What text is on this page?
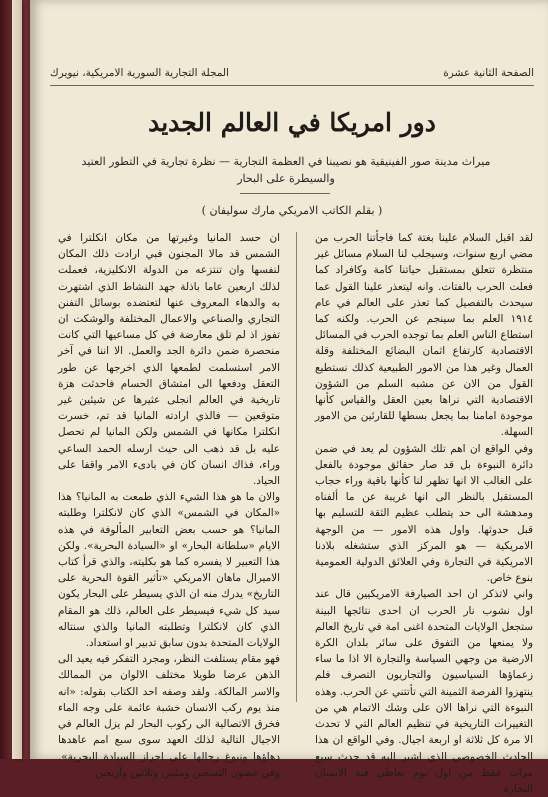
الصفحة الثانية عشرة
المجلة التجارية السورية الامريكية، نيويرك
دور امريكا في العالم الجديد
ميراث مدينة صور الفينيقية هو نصيبنا في العظمة التجارية — نظرة تجارية في التطور العتيد والسيطرة على البحار
( بقلم الكاتب الامريكي مارك سوليفان )

لقد اقبل السلام علينا بغتة كما فاجأتنا الحرب من مضي اربع سنوات، وسيجلب لنا السلام مسائل غير منتظرة تتعلق بمستقبل حياتنا كامة وكافراد كما فعلت الحرب بالفتات. وانه ليتعذر علينا القول عما سيحدث بالتفصيل كما تعذر على العالم في عام ١٩١٤ العلم بما سينجم عن الحرب. ولكنه كما استطاع الناس العلم بما توجده الحرب في المسائل الاقتصادية كارتفاع اثمان البضائع المختلفة وقلة العمال وغير هذا من الامور الطبيعية كذلك نستطيع القول من الان عن مشبه السلم من الشؤون الاقتصادية التي نراها بعين العقل والقياس كأنها موجودة امامنا بما يجعل بسطها للقارئين من الامور السهلة.

وفي الواقع ان اهم تلك الشؤون لم يعد في ضمن دائرة النبوءة بل قد صار حقائق موجودة بالفعل على الغالب الا انها تظهر لنا كأنها باقية وراء حجاب المستقبل بالنظر الى انها غريبة عن ما ألفناه ومدهشة الى حد يتطلب عظيم الثقة للتسليم بها قبل حدوثها. واول هذه الامور — من الوجهة الامريكية — هو المركز الذي ستشغله بلادنا الامريكية في التجارة وفي العلائق الدولية العمومية بنوع خاص.

واني لاتذكر ان احد الصيارفة الامريكيين قال عند اول نشوب نار الحرب ان احدى نتائجها البينة ستجعل الولايات المتحدة اغنى امة في تاريخ العالم ولا يمنعها من التفوق على سائر بلدان الكرة الارضية من وجهي السياسة والتجارة الا اذا ما ساء زعماؤها السياسيون والتجاريون التصرف فلم ينتهزوا الفرصة الثمينة التي تأتتني عن الحرب. وهذه النبوءة التي نراها الان على وشك الاتمام هي من التغييرات التاريخية في تنظيم العالم التي لا تحدث الا مرة كل ثلاثة او اربعة اجيال. وفي الواقع ان هذا الحادث الخصوصي الذي اشير اليه قد حدث سبع مرات فقط من اول يوم تعاطى فيه الانسان التجارة.

ان حسد المانيا وغيرتها من مكان انكلترا في الشمس قد مالا المجنون فبي ارادت ذلك المكان لنفسها وان تنتزعه من الدولة الانكليزية، فعملت لذلك اربعين عاما باذلة جهد النشاط الذي اشتهرت به والدهاء المعروف عنها لتعتضده بوسائل التفنن التجاري والصناعي والاعمال المختلفة والوشكت ان تفوز اذ لم تلق معارضة في كل مساعيها التي كانت منحصرة ضمن دائرة الجد والعمل. الا اننا في آخر الامر استسلمت لطمعها الذي اخرجها عن طور التعقل ودفعها الى امتشاق الحسام فاحدثت هزة تاريخية في العالم انجلى عثيرها عن شيئين غير متوقعين — فالذي ارادته المانيا قد تم، خسرت انكلترا مكانها في الشمس ولكن المانيا لم تحصل عليه بل قد ذهب الى حيث ارسله الحمد الساعي وراء، فذاك انسان كان في بادىء الامر واقفا على الحياد.

والان ما هو هذا الشيء الذي طمعت به المانيا؟ هذا «المكان في الشمس» الذي كان لانكلترا وطلبته المانيا؟ هو حسب بعض التعابير المألوفة في هذه الايام «سلطانة البحار» او «السيادة البحرية». ولكن هذا التعبير لا يفسره كما هو بكليته، والذي قرأ كتاب الاميرال ماهان الامريكي «تأثير القوة البحرية على التاريخ» يدرك منه ان الذي يسيطر على البحار يكون سيد كل شيء فيسيطر على العالم، ذلك هو المقام الذي كان لانكلترا وتطلبته المانيا والذي سنتاله الولايات المتحدة بدون سابق تدبير او استعداد.

فهو مقام يستلفت النظر، ومجرد التفكر فيه يعيد الى الذهن عرضا طويلا مختلف الالوان من الممالك والاسر المالكة. ولقد وصفه احد الكتاب بقوله: «انه منذ يوم ركب الانسان خشبة عائمة على وجه الماء فخرق الاتصالية الى ركوب البحار لم يزل العالم في الاجيال التالية لذلك العهد سوى سبع امم عاهدها دهاؤها ونبوغ رجالها على احراز السيادة البحرية». وفي غضون التسعين ومئتين وثلاثين وأربعين
